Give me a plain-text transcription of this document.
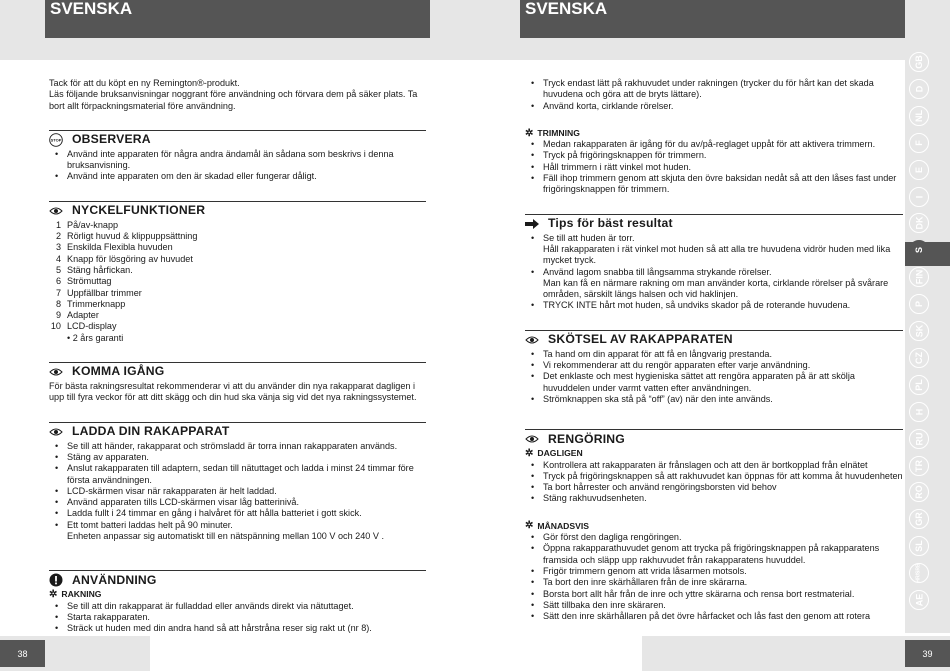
SVENSKA	SVENSKA

Tack för att du köpt en ny Remington®-produkt.
Läs följande bruksanvisningar noggrant före användning och förvara dem på säker plats. Ta bort allt förpackningsmaterial före användning.

STOP OBSERVERA
• Använd inte apparaten för några andra ändamål än sådana som beskrivs i denna bruksanvisning.
• Använd inte apparaten om den är skadad eller fungerar dåligt.
NYCKELFUNKTIONER
1 På/av-knapp
2 Rörligt huvud & klippuppsättning
3 Enskilda Flexibla huvuden
4 Knapp för lösgöring av huvudet
5 Stäng hårfickan.
6 Strömuttag
7 Uppfällbar trimmer
8 Trimmerknapp
9 Adapter
10 LCD-display

• 2 års garanti

KOMMA IGÅNG

För bästa rakningsresultat rekommenderar vi att du använder din nya rakapparat dagligen i upp till fyra veckor för att ditt skägg och din hud ska vänja sig vid det nya rakningssystemet.

LADDA DIN RAKAPPARAT
• Se till att händer, rakapparat och strömsladd är torra innan rakapparaten används.
• Stäng av apparaten.
• Anslut rakapparaten till adaptern, sedan till nätuttaget och ladda i minst 24 timmar före första användningen.
• LCD-skärmen visar när rakapparaten är helt laddad.
• Använd apparaten tills LCD-skärmen visar låg batterinivå.
• Ladda fullt i 24 timmar en gång i halvåret för att hålla batteriet i gott skick.
• Ett tomt batteri laddas helt på 90 minuter.

Enheten anpassar sig automatiskt till en nätspänning mellan 100 V och 240 V .

ANVÄNDNING
✲ RAKNING
• Se till att din rakapparat är fulladdad eller används direkt via nätuttaget.
• Starta rakapparaten.
• Sträck ut huden med din andra hand så att hårstråna reser sig rakt ut (nr 8).
• Tryck endast lätt på rakhuvudet under rakningen (trycker du för hårt kan det skada huvudena och göra att de bryts lättare).
• Använd korta, cirklande rörelser.
✲ TRIMNING
• Medan rakapparaten är igång för du av/på-reglaget uppåt för att aktivera trimmern.
• Tryck på frigöringsknappen för trimmern.
• Håll trimmern i rätt vinkel mot huden.
• Fäll ihop trimmern genom att skjuta den övre baksidan nedåt så att den låses fast under frigöringsknappen för trimmern.
Tips för bäst resultat
• Se till att huden är torr.
Håll rakapparaten i rät vinkel mot huden så att alla tre huvudena vidrör huden med lika mycket tryck.
• Använd lagom snabba till långsamma strykande rörelser.
Man kan få en närmare rakning om man använder korta, cirklande rörelser på svårare områden, särskilt längs halsen och vid haklinjen.
• TRYCK INTE hårt mot huden, så undviks skador på de roterande huvudena.
SKÖTSEL AV RAKAPPARATEN
• Ta hand om din apparat för att få en långvarig prestanda.
• Vi rekommenderar att du rengör apparaten efter varje användning.
• Det enklaste och mest hygieniska sättet att rengöra apparaten på är att skölja huvuddelen under varmt vatten efter användningen.
• Strömknappen ska stå på “off” (av) när den inte används.
RENGÖRING
✲ DAGLIGEN
• Kontrollera att rakapparaten är frånslagen och att den är bortkopplad från elnätet
• Tryck på frigöringsknappen så att rakhuvudet kan öppnas för att komma åt huvudenheten
• Ta bort hårrester och använd rengöringsborsten vid behov
• Stäng rakhuvudsenheten.
✲ MÅNADSVIS
• Gör först den dagliga rengöringen.
• Öppna rakapparathuvudet genom att trycka på frigöringsknappen på rakapparatens framsida och släpp upp rakhuvudet från rakapparatens huvuddel.
• Frigör trimmern genom att vrida låsarmen motsols.
• Ta bort den inre skärhållaren från de inre skärarna.
• Borsta bort allt hår från de inre och yttre skärarna och rensa bort restmaterial.
• Sätt tillbaka den inre skäraren.
• Sätt den inre skärhållaren på det övre hårfacket och lås fast den genom att rotera
GB
D
NL
F
E
I
DK
S
FIN
P
SK
CZ
PL
H
RU
TR
RO
GR
SL
HR/SRB
AE
38	39
